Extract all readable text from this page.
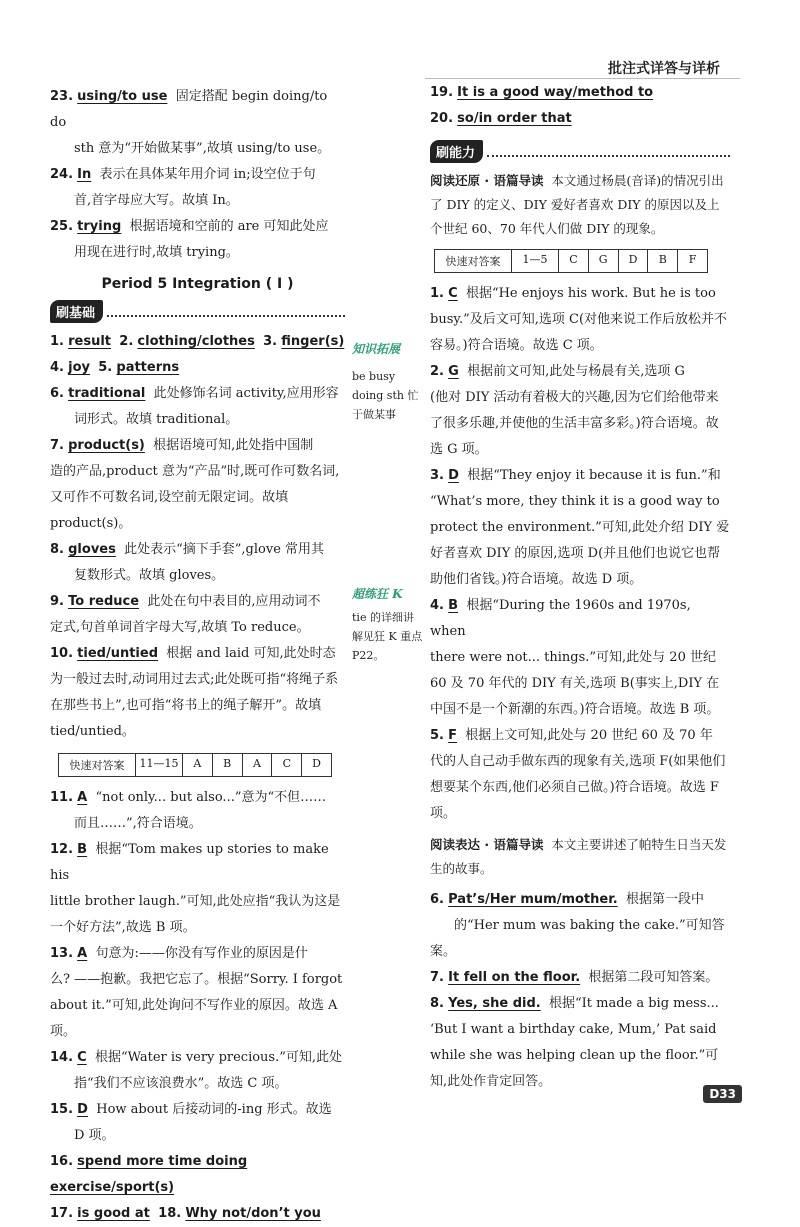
批注式详答与详析

23. using/to use 固定搭配 begin doing/to do
sth 意为“开始做某事”,故填 using/to use。

24. In 表示在具体某年用介词 in;设空位于句
首,首字母应大写。故填 In。

25. trying 根据语境和空前的 are 可知此处应
用现在进行时,故填 trying。

Period 5 Integration ( Ⅰ )
刷基础

1. result 2. clothing/clothes 3. finger(s)

4. joy 5. patterns

6. traditional 此处修饰名词 activity,应用形容
词形式。故填 traditional。

7. product(s) 根据语境可知,此处指中国制
造的产品,product 意为“产品”时,既可作可数名词,又可作不可数名词,设空前无限定词。故填 product(s)。

8. gloves 此处表示“摘下手套”,glove 常用其
复数形式。故填 gloves。

9. To reduce 此处在句中表目的,应用动词不
定式,句首单词首字母大写,故填 To reduce。

10. tied/untied 根据 and laid 可知,此处时态
为一般过去时,动词用过去式;此处既可指“将绳子系在那些书上”,也可指“将书上的绳子解开”。故填 tied/untied。

快速对答案	11—15	A	B	A	C	D

11. A “not only... but also...”意为“不但……
而且……”,符合语境。

12. B 根据“Tom makes up stories to make his
little brother laugh.”可知,此处应指“我认为这是一个好方法”,故选 B 项。

13. A 句意为:——你没有写作业的原因是什
么? ——抱歉。我把它忘了。根据“Sorry. I forgot about it.”可知,此处询问不写作业的原因。故选 A 项。

14. C 根据“Water is very precious.”可知,此处
指“我们不应该浪费水”。故选 C 项。

15. D How about 后接动词的-ing 形式。故选
D 项。

16. spend more time doing exercise/sport(s)

17. is good at 18. Why not/don’t you

知识拓展
be busy doing sth 忙于做某事
超练狂 K
tie 的详细讲解见狂 K 重点 P22。

19. It is a good way/method to

20. so/in order that

刷能力

阅读还原 · 语篇导读 本文通过杨晨(音译)的情况引出了 DIY 的定义、DIY 爱好者喜欢 DIY 的原因以及上个世纪 60、70 年代人们做 DIY 的现象。

快速对答案	1—5	C	G	D	B	F

1. C 根据“He enjoys his work. But he is too
busy.”及后文可知,选项 C(对他来说工作后放松并不容易。)符合语境。故选 C 项。

2. G 根据前文可知,此处与杨晨有关,选项 G
(他对 DIY 活动有着极大的兴趣,因为它们给他带来了很多乐趣,并使他的生活丰富多彩。)符合语境。故选 G 项。

3. D 根据“They enjoy it because it is fun.”和
“What’s more, they think it is a good way to protect the environment.”可知,此处介绍 DIY 爱好者喜欢 DIY 的原因,选项 D(并且他们也说它也帮助他们省钱。)符合语境。故选 D 项。

4. B 根据“During the 1960s and 1970s, when
there were not... things.”可知,此处与 20 世纪 60 及 70 年代的 DIY 有关,选项 B(事实上,DIY 在中国不是一个新潮的东西。)符合语境。故选 B 项。

5. F 根据上文可知,此处与 20 世纪 60 及 70 年
代的人自己动手做东西的现象有关,选项 F(如果他们想要某个东西,他们必须自己做。)符合语境。故选 F 项。

阅读表达 · 语篇导读 本文主要讲述了帕特生日当天发生的故事。

6. Pat’s/Her mum/mother. 根据第一段中
的“Her mum was baking the cake.”可知答案。

7. It fell on the floor. 根据第二段可知答案。

8. Yes, she did. 根据“It made a big mess...
‘But I want a birthday cake, Mum,’ Pat said while she was helping clean up the floor.”可知,此处作肯定回答。

D33
